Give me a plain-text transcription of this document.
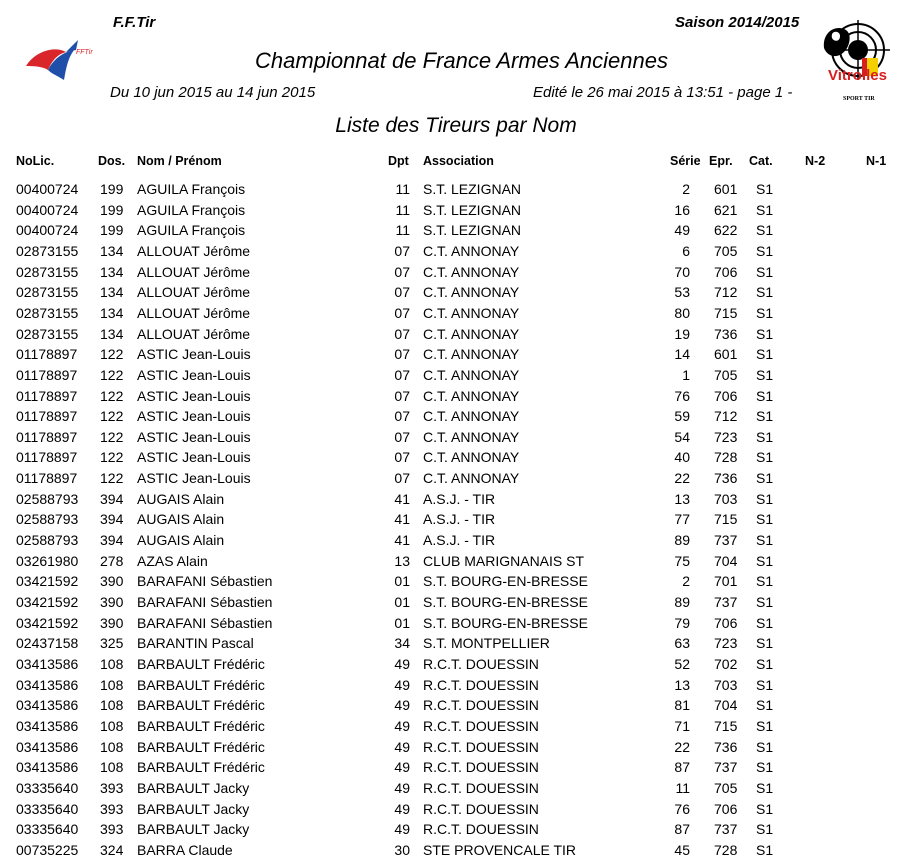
F.F.Tir	Saison 2014/2015
FFTir
Vitrolles
SPORT TIR
Championnat de France Armes Anciennes
Du 10 jun 2015 au 14 jun 2015	Edité le 26 mai 2015 à 13:51 - page 1 -
Liste des Tireurs par Nom
NoLic.	Dos. Nom / Prénom	Dpt Association	Série Epr. Cat.	N-2	N-1
00400724 199 AGUILA François	11 S.T. LEZIGNAN	2 601 S1
00400724 199 AGUILA François	11 S.T. LEZIGNAN	16 621 S1
00400724 199 AGUILA François	11 S.T. LEZIGNAN	49 622 S1
02873155 134 ALLOUAT Jérôme	07 C.T. ANNONAY	6 705 S1
02873155 134 ALLOUAT Jérôme	07 C.T. ANNONAY	70 706 S1
02873155 134 ALLOUAT Jérôme	07 C.T. ANNONAY	53 712 S1
02873155 134 ALLOUAT Jérôme	07 C.T. ANNONAY	80 715 S1
02873155 134 ALLOUAT Jérôme	07 C.T. ANNONAY	19 736 S1
01178897 122 ASTIC Jean-Louis	07 C.T. ANNONAY	14 601 S1
01178897 122 ASTIC Jean-Louis	07 C.T. ANNONAY	1 705 S1
01178897 122 ASTIC Jean-Louis	07 C.T. ANNONAY	76 706 S1
01178897 122 ASTIC Jean-Louis	07 C.T. ANNONAY	59 712 S1
01178897 122 ASTIC Jean-Louis	07 C.T. ANNONAY	54 723 S1
01178897 122 ASTIC Jean-Louis	07 C.T. ANNONAY	40 728 S1
01178897 122 ASTIC Jean-Louis	07 C.T. ANNONAY	22 736 S1
02588793 394 AUGAIS Alain	41 A.S.J. - TIR	13 703 S1
02588793 394 AUGAIS Alain	41 A.S.J. - TIR	77 715 S1
02588793 394 AUGAIS Alain	41 A.S.J. - TIR	89 737 S1
03261980 278 AZAS Alain	13 CLUB MARIGNANAIS ST	75 704 S1
03421592 390 BARAFANI Sébastien	01 S.T. BOURG-EN-BRESSE	2 701 S1
03421592 390 BARAFANI Sébastien	01 S.T. BOURG-EN-BRESSE	89 737 S1
03421592 390 BARAFANI Sébastien	01 S.T. BOURG-EN-BRESSE	79 706 S1
02437158 325 BARANTIN Pascal	34 S.T. MONTPELLIER	63 723 S1
03413586 108 BARBAULT Frédéric	49 R.C.T. DOUESSIN	52 702 S1
03413586 108 BARBAULT Frédéric	49 R.C.T. DOUESSIN	13 703 S1
03413586 108 BARBAULT Frédéric	49 R.C.T. DOUESSIN	81 704 S1
03413586 108 BARBAULT Frédéric	49 R.C.T. DOUESSIN	71 715 S1
03413586 108 BARBAULT Frédéric	49 R.C.T. DOUESSIN	22 736 S1
03413586 108 BARBAULT Frédéric	49 R.C.T. DOUESSIN	87 737 S1
03335640 393 BARBAULT Jacky	49 R.C.T. DOUESSIN	11 705 S1
03335640 393 BARBAULT Jacky	49 R.C.T. DOUESSIN	76 706 S1
03335640 393 BARBAULT Jacky	49 R.C.T. DOUESSIN	87 737 S1
00735225 324 BARRA Claude	30 STE PROVENCALE TIR	45 728 S1
